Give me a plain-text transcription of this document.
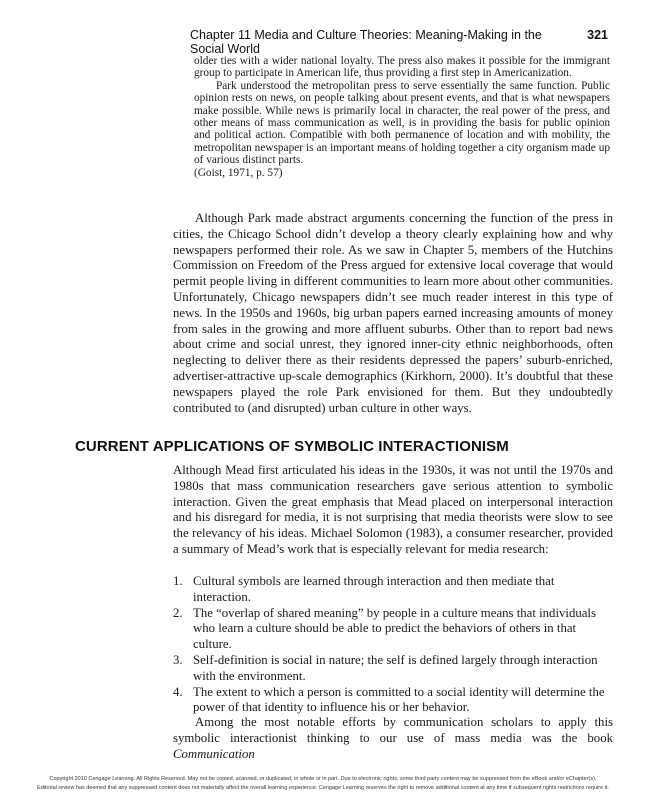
Chapter 11 Media and Culture Theories: Meaning-Making in the Social World
321

older ties with a wider national loyalty. The press also makes it possible for the immigrant group to participate in American life, thus providing a first step in Americanization.

Park understood the metropolitan press to serve essentially the same function. Public opinion rests on news, on people talking about present events, and that is what newspapers make possible. While news is primarily local in character, the real power of the press, and other means of mass communication as well, is in providing the basis for public opinion and political action. Compatible with both permanence of location and with mobility, the metropolitan newspaper is an important means of holding together a city organism made up of various distinct parts.

(Goist, 1971, p. 57)

Although Park made abstract arguments concerning the function of the press in cities, the Chicago School didn’t develop a theory clearly explaining how and why newspapers performed their role. As we saw in Chapter 5, members of the Hutchins Commission on Freedom of the Press argued for extensive local coverage that would permit people living in different communities to learn more about other communities. Unfortunately, Chicago newspapers didn’t see much reader interest in this type of news. In the 1950s and 1960s, big urban papers earned increasing amounts of money from sales in the growing and more affluent suburbs. Other than to report bad news about crime and social unrest, they ignored inner-city ethnic neighborhoods, often neglecting to deliver there as their residents depressed the papers’ suburb-enriched, advertiser-attractive up-scale demographics (Kirkhorn, 2000). It’s doubtful that these newspapers played the role Park envisioned for them. But they undoubtedly contributed to (and disrupted) urban culture in other ways.

CURRENT APPLICATIONS OF SYMBOLIC INTERACTIONISM

Although Mead first articulated his ideas in the 1930s, it was not until the 1970s and 1980s that mass communication researchers gave serious attention to symbolic interaction. Given the great emphasis that Mead placed on interpersonal interaction and his disregard for media, it is not surprising that media theorists were slow to see the relevancy of his ideas. Michael Solomon (1983), a consumer researcher, provided a summary of Mead’s work that is especially relevant for media research:

1. Cultural symbols are learned through interaction and then mediate that interaction.
2. The “overlap of shared meaning” by people in a culture means that individuals who learn a culture should be able to predict the behaviors of others in that culture.
3. Self-definition is social in nature; the self is defined largely through interaction with the environment.
4. The extent to which a person is committed to a social identity will determine the power of that identity to influence his or her behavior.

Among the most notable efforts by communication scholars to apply this symbolic interactionist thinking to our use of mass media was the book Communication

Copyright 2010 Cengage Learning. All Rights Reserved. May not be copied, scanned, or duplicated, in whole or in part. Due to electronic rights, some third party content may be suppressed from the eBook and/or eChapter(s).
Editorial review has deemed that any suppressed content does not materially affect the overall learning experience. Cengage Learning reserves the right to remove additional content at any time if subsequent rights restrictions require it.
